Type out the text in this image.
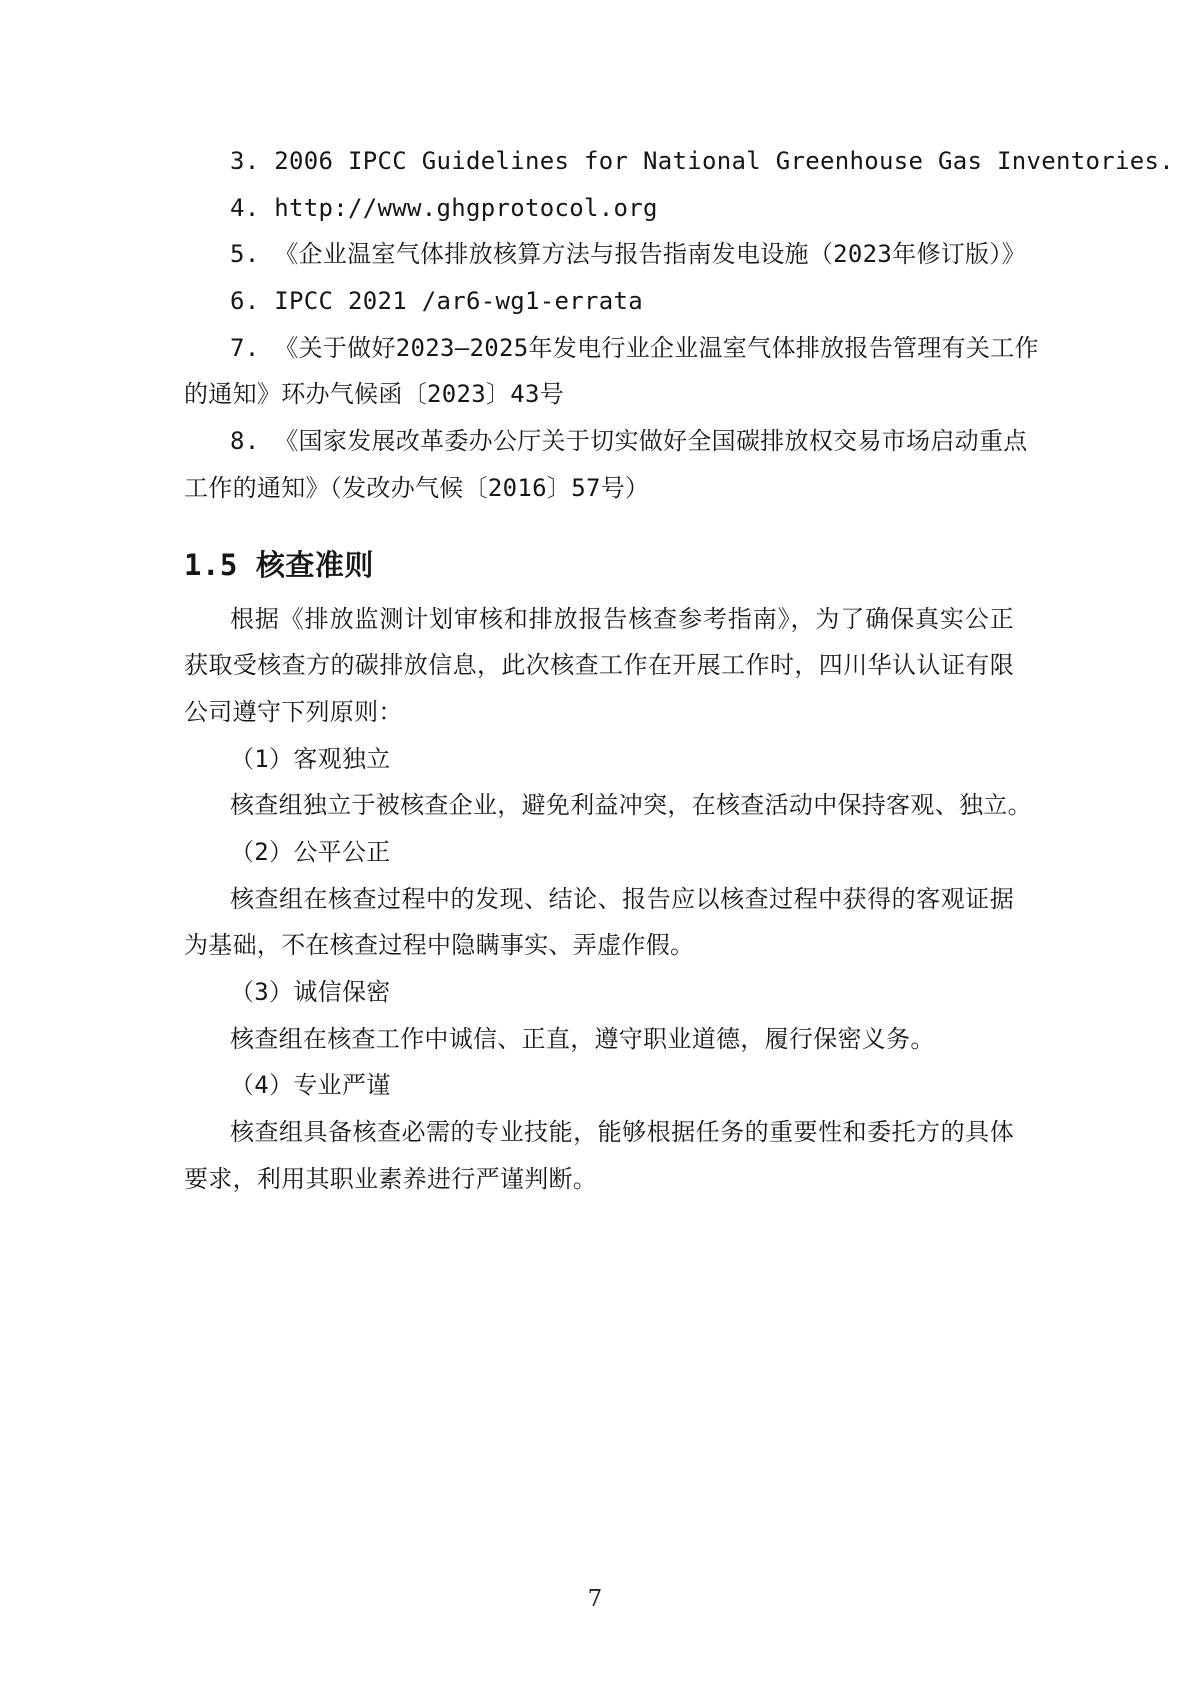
3. 2006 IPCC Guidelines for National Greenhouse Gas Inventories.
4. http://www.ghgprotocol.org
5. 《企业温室气体排放核算方法与报告指南发电设施（2023年修订版）》
6. IPCC 2021 /ar6-wg1-errata
7. 《关于做好2023—2025年发电行业企业温室气体排放报告管理有关工作
的通知》环办气候函〔2023〕43号
8. 《国家发展改革委办公厅关于切实做好全国碳排放权交易市场启动重点
工作的通知》（发改办气候〔2016〕57号）
1.5 核查准则
根据《排放监测计划审核和排放报告核查参考指南》，为了确保真实公正
获取受核查方的碳排放信息，此次核查工作在开展工作时，四川华认认证有限
公司遵守下列原则：
（1）客观独立
核查组独立于被核查企业，避免利益冲突，在核查活动中保持客观、独立。
（2）公平公正
核查组在核查过程中的发现、结论、报告应以核查过程中获得的客观证据
为基础，不在核查过程中隐瞒事实、弄虚作假。
（3）诚信保密
核查组在核查工作中诚信、正直，遵守职业道德，履行保密义务。
（4）专业严谨
核查组具备核查必需的专业技能，能够根据任务的重要性和委托方的具体
要求，利用其职业素养进行严谨判断。
7
